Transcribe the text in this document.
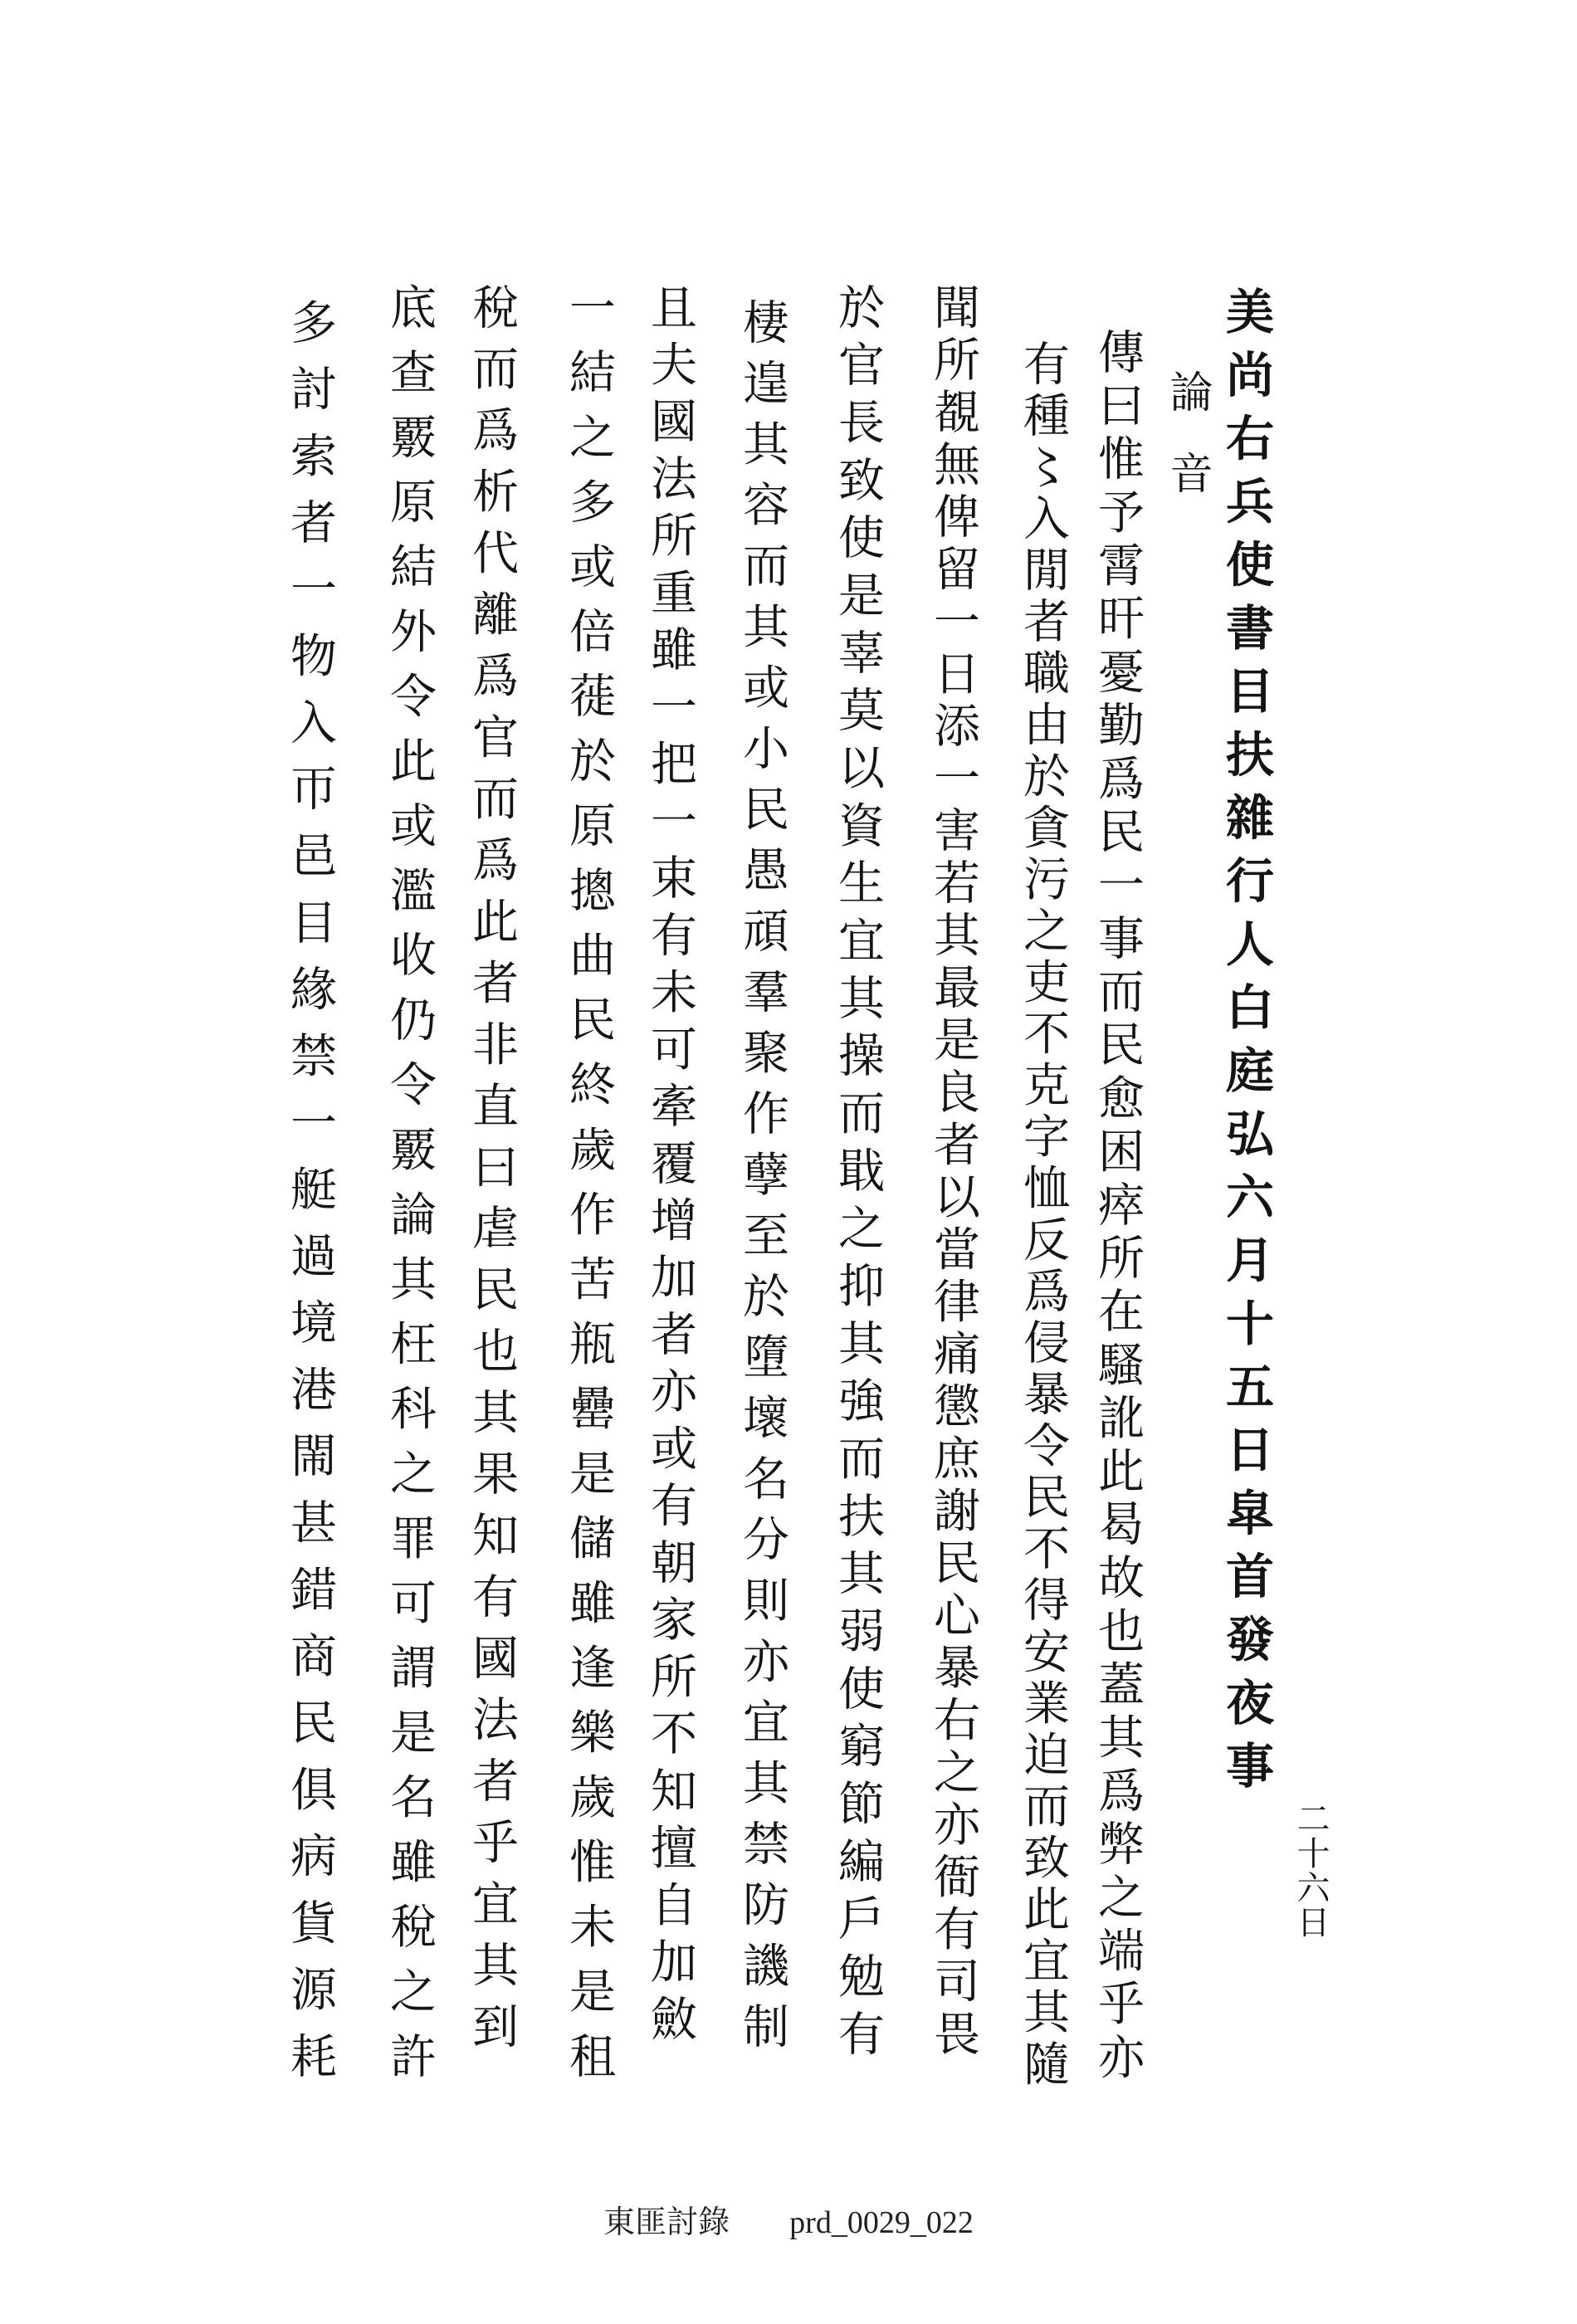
二十六日
美尚右兵使書目扶雜行人白庭弘六月十五日皐首發夜事
論音
傳曰惟予霄旰憂勤爲民一事而民愈困瘁所在騷訛此曷故也蓋其爲弊之端乎亦
有種〻入閒者職由於貪污之吏不克字恤反爲侵暴令民不得安業迫而致此宜其隨
聞所覩無俾留一日添一害若其最是良者以當律痛懲庶謝民心暴右之亦衙有司畏
於官長致使是辜莫以資生宜其操而戢之抑其強而扶其弱使窮節編戶勉有
棲遑其容而其或小民愚頑羣聚作孽至於墮壞名分則亦宜其禁防譏制
且夫國法所重雖一把一束有未可牽覆增加者亦或有朝家所不知擅自加斂
一結之多或倍蓰於原摠曲民終歲作苦瓶罍是儲雖逢樂歲惟未是租
稅而爲析代離爲官而爲此者非直曰虐民也其果知有國法者乎宜其到
底查覈原結外令此或濫收仍令覈論其枉科之罪可謂是名雖稅之許
多討索者一物入帀邑目緣禁一艇過境港閙甚錯商民俱病貨源耗
東匪討錄 prd_0029_022
